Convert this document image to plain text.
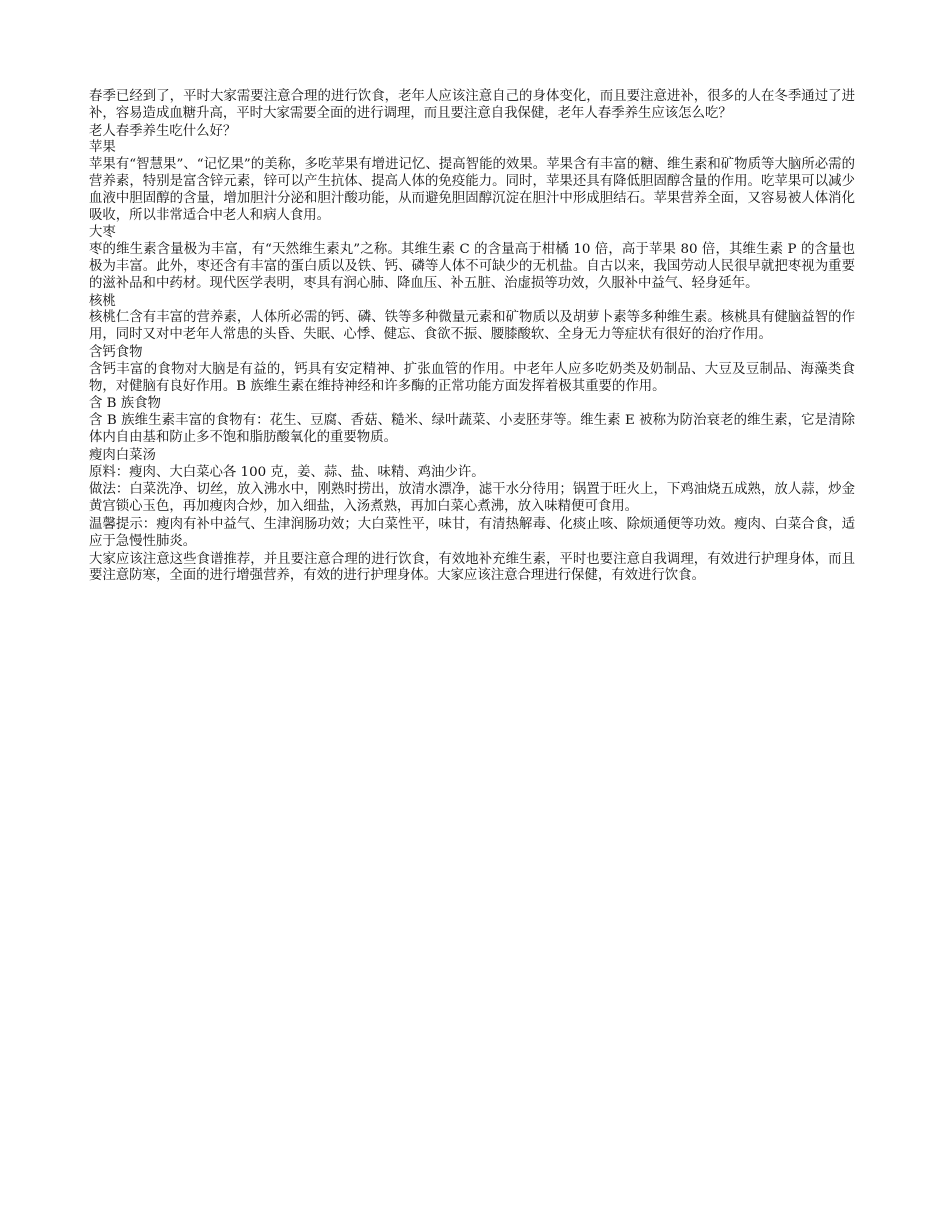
春季已经到了，平时大家需要注意合理的进行饮食，老年人应该注意自己的身体变化，而且要注意进补，很多的人在冬季通过了进补，容易造成血糖升高，平时大家需要全面的进行调理，而且要注意自我保健，老年人春季养生应该怎么吃？

老人春季养生吃什么好？

苹果

苹果有“智慧果”、“记忆果”的美称，多吃苹果有增进记忆、提高智能的效果。苹果含有丰富的糖、维生素和矿物质等大脑所必需的营养素，特别是富含锌元素，锌可以产生抗体、提高人体的免疫能力。同时，苹果还具有降低胆固醇含量的作用。吃苹果可以减少血液中胆固醇的含量，增加胆汁分泌和胆汁酸功能，从而避免胆固醇沉淀在胆汁中形成胆结石。苹果营养全面，又容易被人体消化吸收，所以非常适合中老人和病人食用。

大枣

枣的维生素含量极为丰富，有“天然维生素丸”之称。其维生素 C 的含量高于柑橘 10 倍，高于苹果 80 倍，其维生素 P 的含量也极为丰富。此外，枣还含有丰富的蛋白质以及铁、钙、磷等人体不可缺少的无机盐。自古以来，我国劳动人民很早就把枣视为重要的滋补品和中药材。现代医学表明，枣具有润心肺、降血压、补五脏、治虚损等功效，久服补中益气、轻身延年。

核桃

核桃仁含有丰富的营养素，人体所必需的钙、磷、铁等多种微量元素和矿物质以及胡萝卜素等多种维生素。核桃具有健脑益智的作用，同时又对中老年人常患的头昏、失眠、心悸、健忘、食欲不振、腰膝酸软、全身无力等症状有很好的治疗作用。

含钙食物

含钙丰富的食物对大脑是有益的，钙具有安定精神、扩张血管的作用。中老年人应多吃奶类及奶制品、大豆及豆制品、海藻类食物，对健脑有良好作用。B 族维生素在维持神经和许多酶的正常功能方面发挥着极其重要的作用。

含 B 族食物

含 B 族维生素丰富的食物有：花生、豆腐、香菇、糙米、绿叶蔬菜、小麦胚芽等。维生素 E 被称为防治衰老的维生素，它是清除体内自由基和防止多不饱和脂肪酸氧化的重要物质。

瘦肉白菜汤

原料：瘦肉、大白菜心各 100 克，姜、蒜、盐、味精、鸡油少许。

做法：白菜洗净、切丝，放入沸水中，刚熟时捞出，放清水漂净，滤干水分待用；锅置于旺火上，下鸡油烧五成熟，放人蒜，炒金黄宫锁心玉色，再加瘦肉合炒，加入细盐，入汤煮熟，再加白菜心煮沸，放入味精便可食用。

温馨提示：瘦肉有补中益气、生津润肠功效；大白菜性平，味甘，有清热解毒、化痰止咳、除烦通便等功效。瘦肉、白菜合食，适应于急慢性肺炎。

大家应该注意这些食谱推荐，并且要注意合理的进行饮食，有效地补充维生素，平时也要注意自我调理，有效进行护理身体，而且要注意防寒，全面的进行增强营养，有效的进行护理身体。大家应该注意合理进行保健，有效进行饮食。
